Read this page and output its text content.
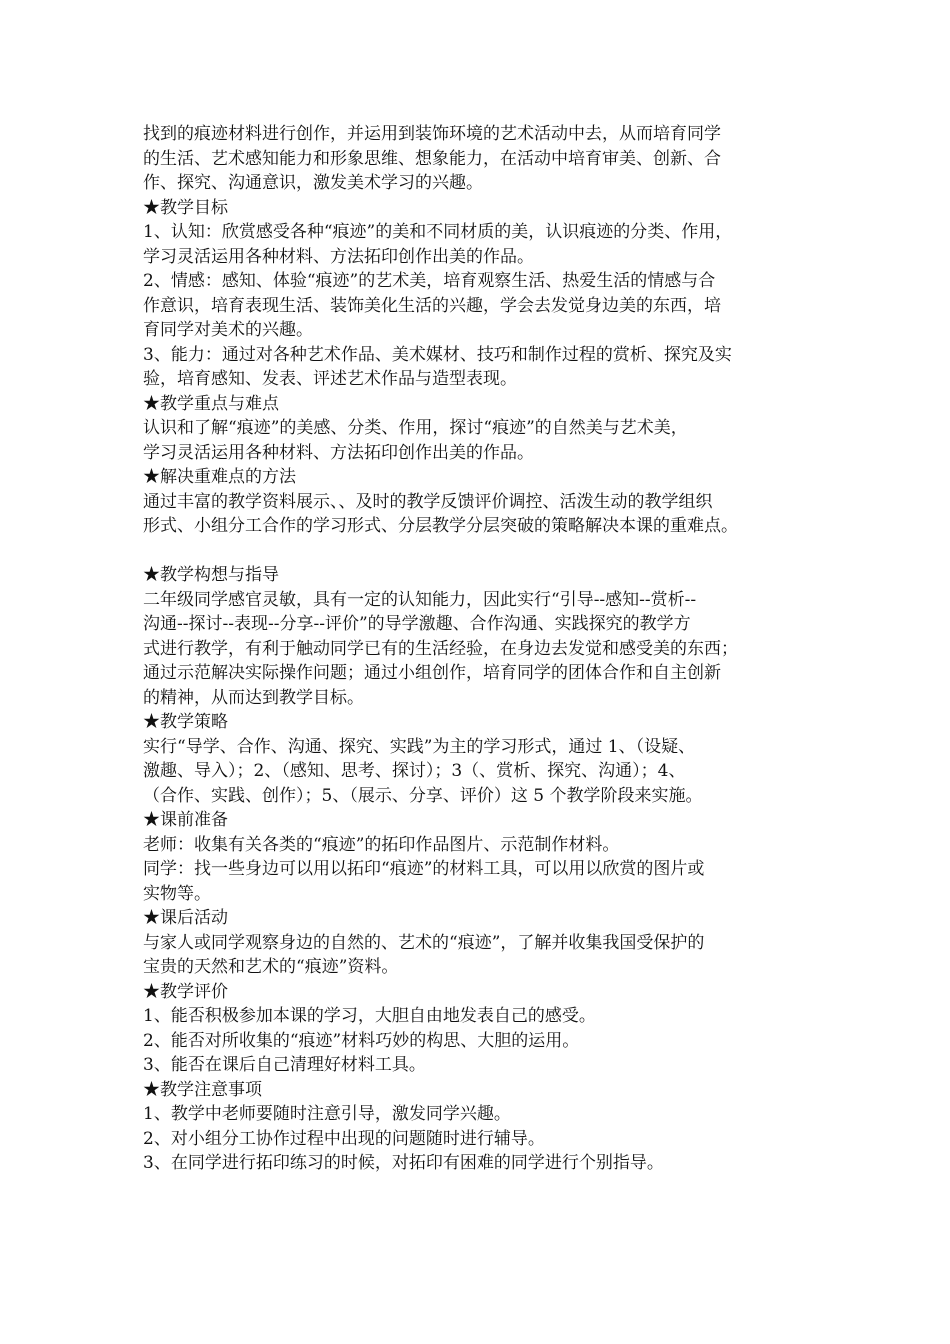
找到的痕迹材料进行创作，并运用到装饰环境的艺术活动中去，从而培育同学
的生活、艺术感知能力和形象思维、想象能力，在活动中培育审美、创新、合
作、探究、沟通意识，激发美术学习的兴趣。
★教学目标
1、认知：欣赏感受各种“痕迹”的美和不同材质的美，认识痕迹的分类、作用，
学习灵活运用各种材料、方法拓印创作出美的作品。
2、情感：感知、体验“痕迹”的艺术美，培育观察生活、热爱生活的情感与合
作意识，培育表现生活、装饰美化生活的兴趣，学会去发觉身边美的东西，培
育同学对美术的兴趣。
3、能力：通过对各种艺术作品、美术媒材、技巧和制作过程的赏析、探究及实
验，培育感知、发表、评述艺术作品与造型表现。
★教学重点与难点
认识和了解“痕迹”的美感、分类、作用，探讨“痕迹”的自然美与艺术美，
学习灵活运用各种材料、方法拓印创作出美的作品。
★解决重难点的方法
通过丰富的教学资料展示、、及时的教学反馈评价调控、活泼生动的教学组织
形式、小组分工合作的学习形式、分层教学分层突破的策略解决本课的重难点。
★教学构想与指导
二年级同学感官灵敏，具有一定的认知能力，因此实行“引导--感知--赏析--
沟通--探讨--表现--分享--评价”的导学激趣、合作沟通、实践探究的教学方
式进行教学，有利于触动同学已有的生活经验，在身边去发觉和感受美的东西；
通过示范解决实际操作问题；通过小组创作，培育同学的团体合作和自主创新
的精神，从而达到教学目标。
★教学策略
实行“导学、合作、沟通、探究、实践”为主的学习形式，通过 1、（设疑、
激趣、导入）；2、（感知、思考、探讨）；3（、赏析、探究、沟通）；4、
（合作、实践、创作）；5、（展示、分享、评价）这 5 个教学阶段来实施。
★课前准备
老师：收集有关各类的“痕迹”的拓印作品图片、示范制作材料。
同学：找一些身边可以用以拓印“痕迹”的材料工具，可以用以欣赏的图片或
实物等。
★课后活动
与家人或同学观察身边的自然的、艺术的“痕迹”，了解并收集我国受保护的
宝贵的天然和艺术的“痕迹”资料。
★教学评价
1、能否积极参加本课的学习，大胆自由地发表自己的感受。
2、能否对所收集的“痕迹”材料巧妙的构思、大胆的运用。
3、能否在课后自己清理好材料工具。
★教学注意事项
1、教学中老师要随时注意引导，激发同学兴趣。
2、对小组分工协作过程中出现的问题随时进行辅导。
3、在同学进行拓印练习的时候，对拓印有困难的同学进行个别指导。
